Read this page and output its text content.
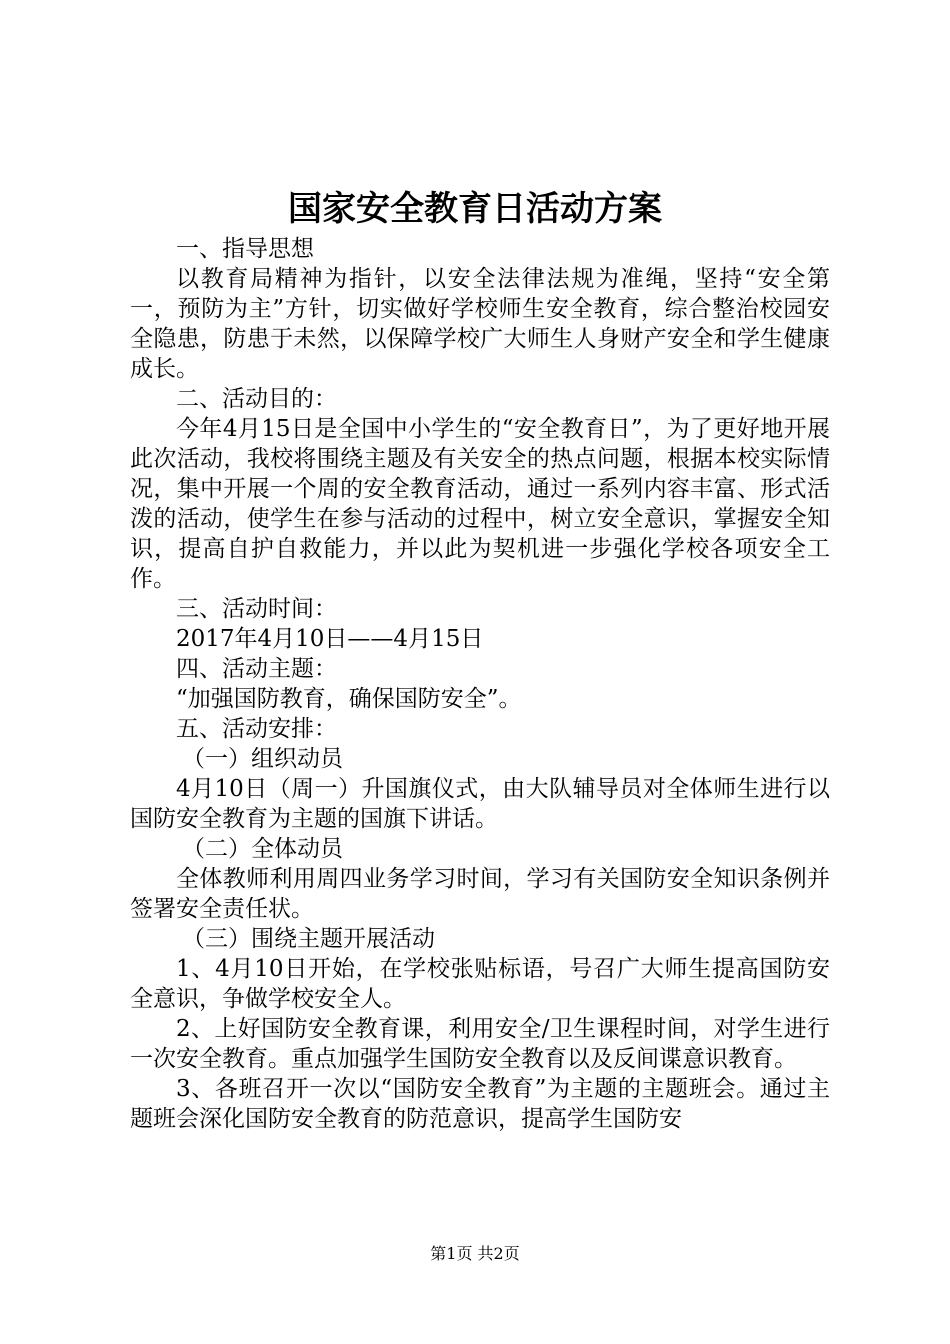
国家安全教育日活动方案

一、指导思想

以教育局精神为指针，以安全法律法规为准绳，坚持“安全第一，预防为主”方针，切实做好学校师生安全教育，综合整治校园安全隐患，防患于未然，以保障学校广大师生人身财产安全和学生健康成长。

二、活动目的：

今年4月15日是全国中小学生的“安全教育日”，为了更好地开展此次活动，我校将围绕主题及有关安全的热点问题，根据本校实际情况，集中开展一个周的安全教育活动，通过一系列内容丰富、形式活泼的活动，使学生在参与活动的过程中，树立安全意识，掌握安全知识，提高自护自救能力，并以此为契机进一步强化学校各项安全工作。

三、活动时间：

2017年4月10日——4月15日

四、活动主题：

“加强国防教育，确保国防安全”。

五、活动安排：

（一）组织动员

4月10日（周一）升国旗仪式，由大队辅导员对全体师生进行以国防安全教育为主题的国旗下讲话。

（二）全体动员

全体教师利用周四业务学习时间，学习有关国防安全知识条例并签署安全责任状。

（三）围绕主题开展活动

1、4月10日开始，在学校张贴标语，号召广大师生提高国防安全意识，争做学校安全人。

2、上好国防安全教育课，利用安全/卫生课程时间，对学生进行一次安全教育。重点加强学生国防安全教育以及反间谍意识教育。

3、各班召开一次以“国防安全教育”为主题的主题班会。通过主题班会深化国防安全教育的防范意识，提高学生国防安

第1页 共2页
